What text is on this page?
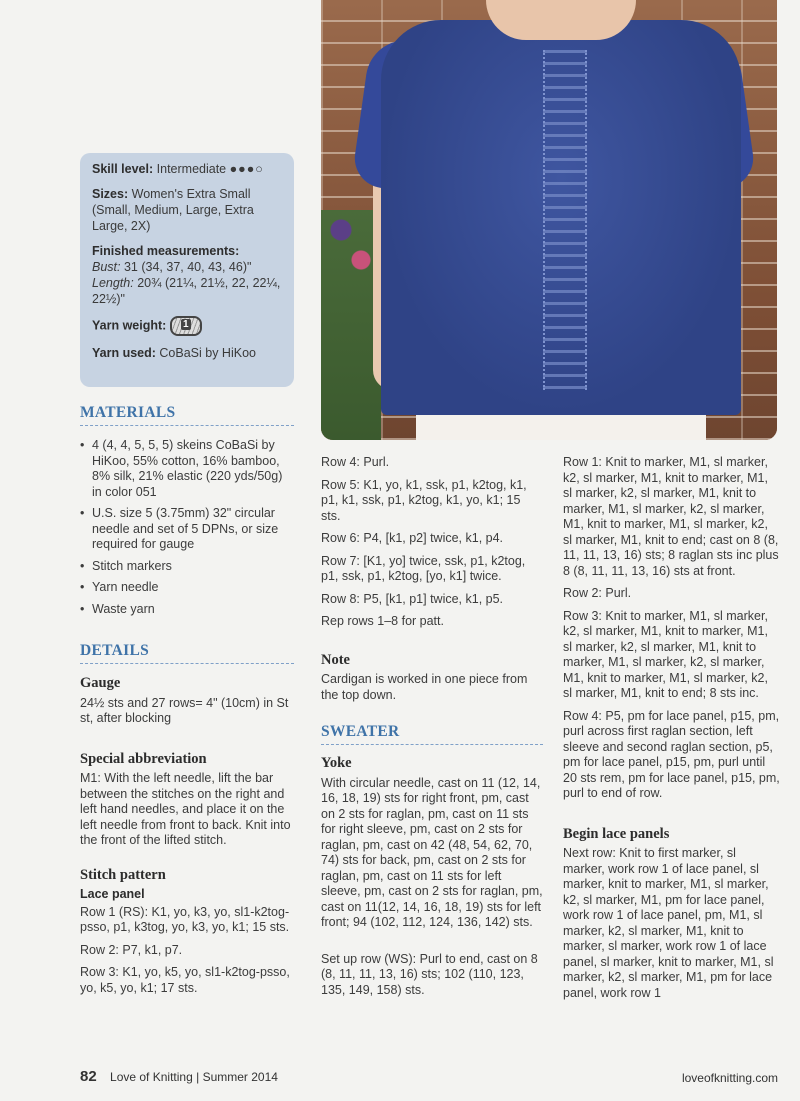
Skill level: Intermediate ●●●○
Sizes: Women's Extra Small (Small, Medium, Large, Extra Large, 2X)
Finished measurements:
Bust: 31 (34, 37, 40, 43, 46)"
Length: 20¾ (21¼, 21½, 22, 22¼, 22½)"
Yarn weight: 1
Yarn used: CoBaSi by HiKoo
MATERIALS
• 4 (4, 4, 5, 5, 5) skeins CoBaSi by HiKoo, 55% cotton, 16% bamboo, 8% silk, 21% elastic (220 yds/50g) in color 051
• U.S. size 5 (3.75mm) 32" circular needle and set of 5 DPNs, or size required for gauge
• Stitch markers
• Yarn needle
• Waste yarn
DETAILS
Gauge

24½ sts and 27 rows= 4" (10cm) in St st, after blocking

Special abbreviation

M1: With the left needle, lift the bar between the stitches on the right and left hand needles, and place it on the left needle from front to back. Knit into the front of the lifted stitch.

Stitch pattern
Lace panel

Row 1 (RS): K1, yo, k3, yo, sl1-k2tog-psso, p1, k3tog, yo, k3, yo, k1; 15 sts.

Row 2: P7, k1, p7.

Row 3: K1, yo, k5, yo, sl1-k2tog-psso, yo, k5, yo, k1; 17 sts.

Row 4: Purl.

Row 5: K1, yo, k1, ssk, p1, k2tog, k1, p1, k1, ssk, p1, k2tog, k1, yo, k1; 15 sts.

Row 6: P4, [k1, p2] twice, k1, p4.

Row 7: [K1, yo] twice, ssk, p1, k2tog, p1, ssk, p1, k2tog, [yo, k1] twice.

Row 8: P5, [k1, p1] twice, k1, p5.

Rep rows 1–8 for patt.

Note

Cardigan is worked in one piece from the top down.

SWEATER
Yoke

With circular needle, cast on 11 (12, 14, 16, 18, 19) sts for right front, pm, cast on 2 sts for raglan, pm, cast on 11 sts for right sleeve, pm, cast on 2 sts for raglan, pm, cast on 42 (48, 54, 62, 70, 74) sts for back, pm, cast on 2 sts for raglan, pm, cast on 11 sts for left sleeve, pm, cast on 2 sts for raglan, pm, cast on 11(12, 14, 16, 18, 19) sts for left front; 94 (102, 112, 124, 136, 142) sts.

Set up row (WS): Purl to end, cast on 8 (8, 11, 11, 13, 16) sts; 102 (110, 123, 135, 149, 158) sts.

Row 1: Knit to marker, M1, sl marker, k2, sl marker, M1, knit to marker, M1, sl marker, k2, sl marker, M1, knit to marker, M1, sl marker, k2, sl marker, M1, knit to marker, M1, sl marker, k2, sl marker, M1, knit to end; cast on 8 (8, 11, 11, 13, 16) sts; 8 raglan sts inc plus 8 (8, 11, 11, 13, 16) sts at front.

Row 2: Purl.

Row 3: Knit to marker, M1, sl marker, k2, sl marker, M1, knit to marker, M1, sl marker, k2, sl marker, M1, knit to marker, M1, sl marker, k2, sl marker, M1, knit to marker, M1, sl marker, k2, sl marker, M1, knit to end; 8 sts inc.

Row 4: P5, pm for lace panel, p15, pm, purl across first raglan section, left sleeve and second raglan section, p5, pm for lace panel, p15, pm, purl until 20 sts rem, pm for lace panel, p15, pm, purl to end of row.

Begin lace panels

Next row: Knit to first marker, sl marker, work row 1 of lace panel, sl marker, knit to marker, M1, sl marker, k2, sl marker, M1, pm for lace panel, work row 1 of lace panel, pm, M1, sl marker, k2, sl marker, M1, knit to marker, sl marker, work row 1 of lace panel, sl marker, knit to marker, M1, sl marker, k2, sl marker, M1, pm for lace panel, work row 1

82 Love of Knitting | Summer 2014	loveofknitting.com
